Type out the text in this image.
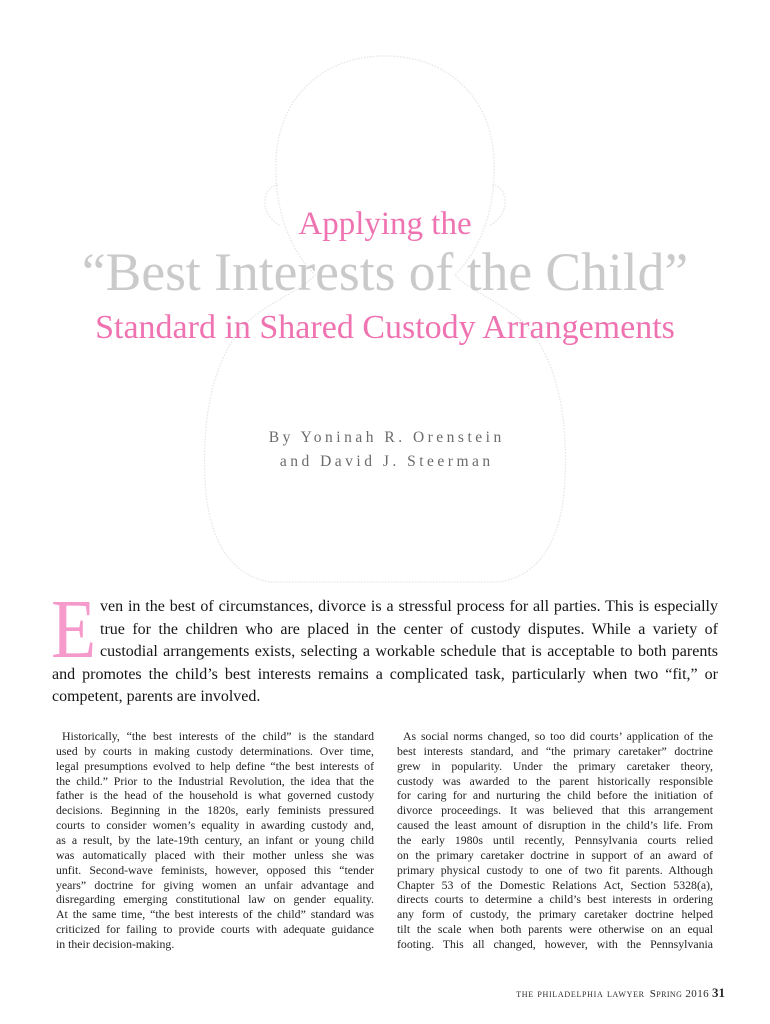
Applying the
“Best Interests of the Child”
Standard in Shared Custody Arrangements
By Yoninah R. Orenstein
and David J. Steerman
E ven in the best of circumstances, divorce is a stressful process for all parties. This is especially
true for the children who are placed in the center of custody disputes. While a variety of
custodial arrangements exists, selecting a workable schedule that is acceptable to both parents
and promotes the child’s best interests remains a complicated task, particularly when two “fit,” or
competent, parents are involved.
Historically, “the best interests of the child” is the standard
used by courts in making custody determinations. Over time,
legal presumptions evolved to help define “the best interests of
the child.” Prior to the Industrial Revolution, the idea that the
father is the head of the household is what governed custody
decisions. Beginning in the 1820s, early feminists pressured
courts to consider women’s equality in awarding custody and,
as a result, by the late-19th century, an infant or young child
was automatically placed with their mother unless she was
unfit. Second-wave feminists, however, opposed this “tender
years” doctrine for giving women an unfair advantage and
disregarding emerging constitutional law on gender equality.
At the same time, “the best interests of the child” standard was
criticized for failing to provide courts with adequate guidance
in their decision-making.
As social norms changed, so too did courts’ application of the
best interests standard, and “the primary caretaker” doctrine
grew in popularity. Under the primary caretaker theory,
custody was awarded to the parent historically responsible
for caring for and nurturing the child before the initiation of
divorce proceedings. It was believed that this arrangement
caused the least amount of disruption in the child’s life. From
the early 1980s until recently, Pennsylvania courts relied
on the primary caretaker doctrine in support of an award of
primary physical custody to one of two fit parents. Although
Chapter 53 of the Domestic Relations Act, Section 5328(a),
directs courts to determine a child’s best interests in ordering
any form of custody, the primary caretaker doctrine helped
tilt the scale when both parents were otherwise on an equal
footing. This all changed, however, with the Pennsylvania
the philadelphia lawyer Spring 2016 31
